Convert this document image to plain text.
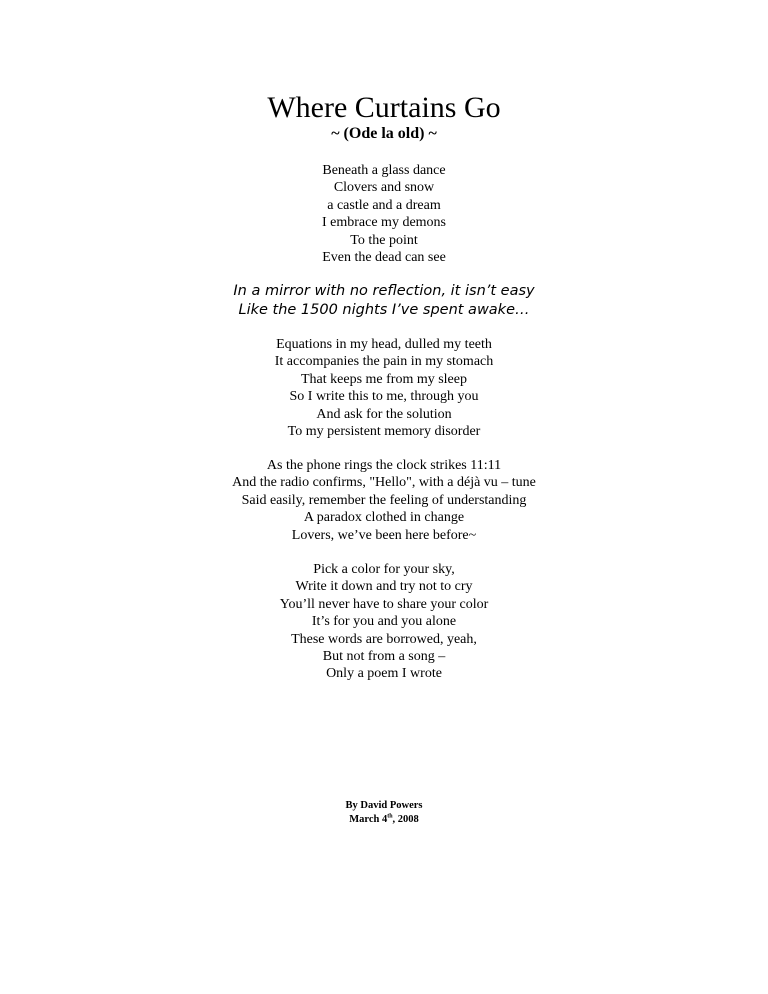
Where Curtains Go
~ (Ode la old) ~
Beneath a glass dance
Clovers and snow
a castle and a dream
I embrace my demons
To the point
Even the dead can see
In a mirror with no reflection, it isn’t easy
Like the 1500 nights I’ve spent awake…
Equations in my head, dulled my teeth
It accompanies the pain in my stomach
That keeps me from my sleep
So I write this to me, through you
And ask for the solution
To my persistent memory disorder
As the phone rings the clock strikes 11:11
And the radio confirms, "Hello", with a déjà vu – tune
Said easily, remember the feeling of understanding
A paradox clothed in change
Lovers, we’ve been here before~
Pick a color for your sky,
Write it down and try not to cry
You’ll never have to share your color
It’s for you and you alone
These words are borrowed, yeah,
But not from a song –
Only a poem I wrote
By David Powers
March 4th, 2008
